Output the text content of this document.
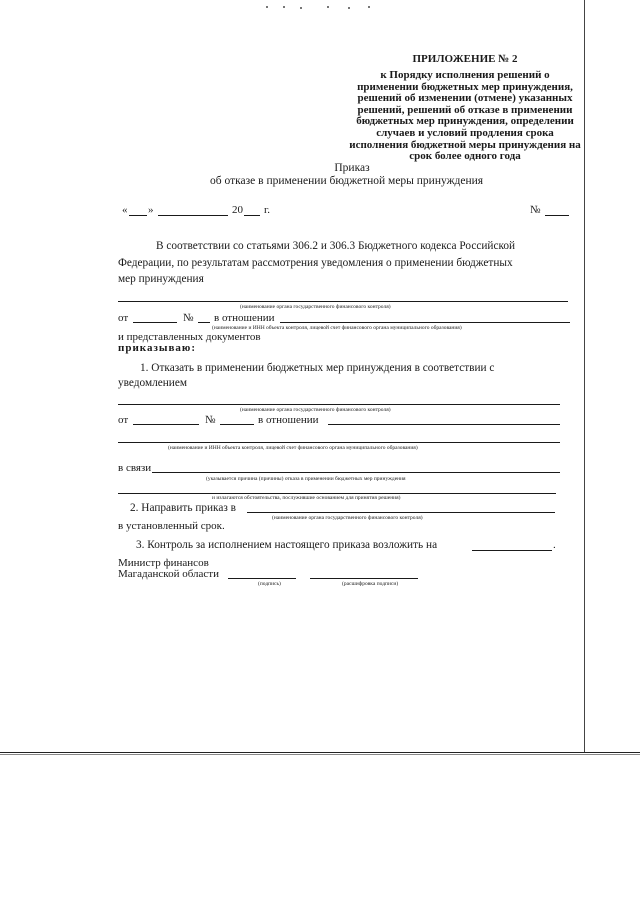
ПРИЛОЖЕНИЕ № 2
к Порядку исполнения решений о
применении бюджетных мер принуждения,
решений об изменении (отмене) указанных
решений, решений об отказе в применении
бюджетных мер принуждения, определении
случаев и условий продления срока
исполнения бюджетной меры принуждения на
срок более одного года
Приказ
об отказе в применении бюджетной меры принуждения
« »	20 г.	№
В соответствии со статьями 306.2 и 306.3 Бюджетного кодекса Российской
Федерации, по результатам рассмотрения уведомления о применении бюджетных
мер принуждения
(наименование органа государственного финансового контроля)
от	№ в отношении
(наименование и ИНН объекта контроля, лицевой счет финансового органа муниципального образования)
и представленных документов
приказываю:
1. Отказать в применении бюджетных мер принуждения в соответствии с
уведомлением
(наименование органа государственного финансового контроля)
от	№	в отношении
(наименование и ИНН объекта контроля, лицевой счет финансового органа муниципального образования)
в связи
(указывается причина (причины) отказа в применении бюджетных мер принуждения
и излагаются обстоятельства, послужившие основанием для принятия решения)
2. Направить приказ в
(наименование органа государственного финансового контроля)
в установленный срок.
3. Контроль за исполнением настоящего приказа возложить на	.
Министр финансов
Магаданской области
(подпись)	(расшифровка подписи)
